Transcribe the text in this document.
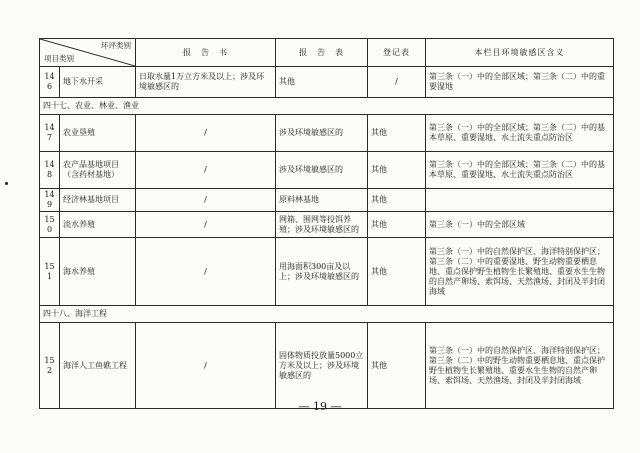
环评类别
项目类别		报　告　书	报　告　表	登记表	本栏目环境敏感区含义
146	地下水开采	日取水量1万立方米及以上；涉及环境敏感区的	其他	/	第三条（一）中的全部区域；第三条（二）中的重要湿地
四十七、农业、林业、渔业					
147	农业垦殖	/	涉及环境敏感区的	其他	第三条（一）中的全部区域；第三条（二）中的基本草原、重要湿地、水土流失重点防治区
148	农产品基地项目（含药材基地）	/	涉及环境敏感区的	其他	第三条（一）中的全部区域；第三条（二）中的基本草原、重要湿地、水土流失重点防治区
149	经济林基地项目	/	原料林基地	其他	
150	淡水养殖	/	网箱、围网等投饵养殖；涉及环境敏感区的	其他	第三条（一）中的全部区域
151	海水养殖	/	用海面积300亩及以上；涉及环境敏感区的	其他	第三条（一）中的自然保护区、海洋特别保护区；第三条（二）中的重要湿地、野生动物重要栖息地、重点保护野生植物生长繁殖地、重要水生生物的自然产卵场、索饵场、天然渔场、封闭及半封闭海域
四十八、海洋工程					
152	海洋人工鱼礁工程	/	固体物质投放量5000立方米及以上；涉及环境敏感区的	其他	第三条（一）中的自然保护区、海洋特别保护区；第三条（二）中的野生动物重要栖息地、重点保护野生植物生长繁殖地、重要水生生物的自然产卵场、索饵场、天然渔场、封闭及半封闭海域
— 19 —
